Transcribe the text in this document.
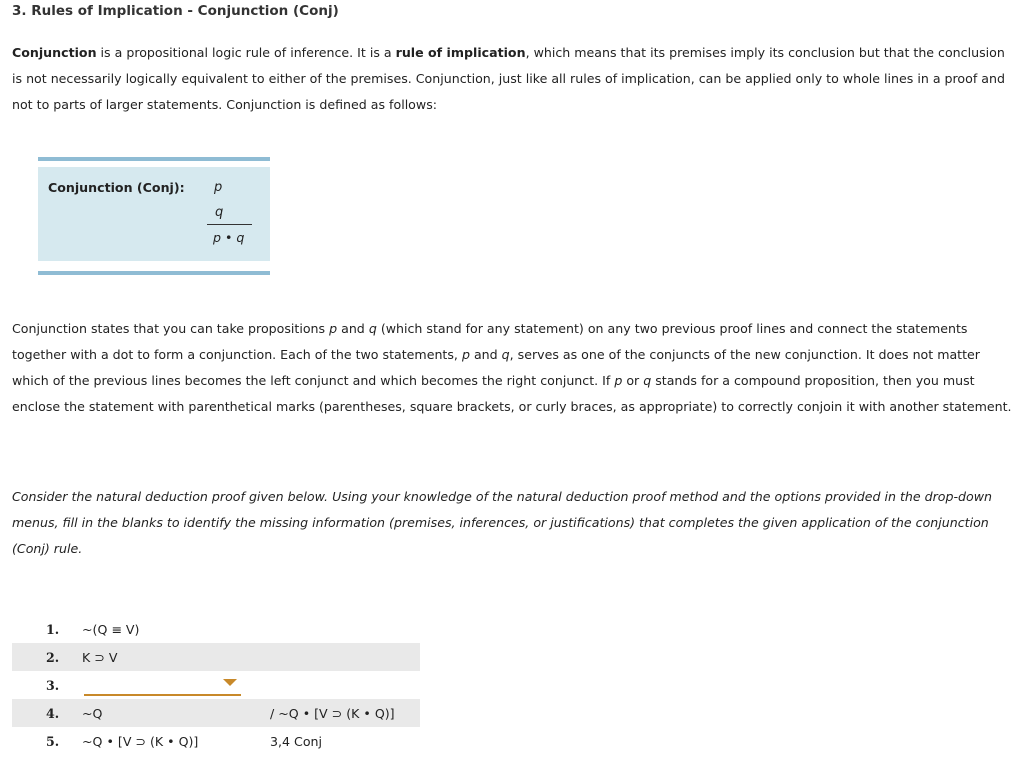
3. Rules of Implication - Conjunction (Conj)

Conjunction is a propositional logic rule of inference. It is a rule of implication, which means that its premises imply its conclusion but that the conclusion is not necessarily logically equivalent to either of the premises. Conjunction, just like all rules of implication, can be applied only to whole lines in a proof and not to parts of larger statements. Conjunction is defined as follows:

Conjunction (Conj): p
q
p • q

Conjunction states that you can take propositions p and q (which stand for any statement) on any two previous proof lines and connect the statements together with a dot to form a conjunction. Each of the two statements, p and q, serves as one of the conjuncts of the new conjunction. It does not matter which of the previous lines becomes the left conjunct and which becomes the right conjunct. If p or q stands for a compound proposition, then you must enclose the statement with parenthetical marks (parentheses, square brackets, or curly braces, as appropriate) to correctly conjoin it with another statement.

Consider the natural deduction proof given below. Using your knowledge of the natural deduction proof method and the options provided in the drop-down menus, fill in the blanks to identify the missing information (premises, inferences, or justifications) that completes the given application of the conjunction (Conj) rule.

1. ~(Q ≡ V)
2. K ⊃ V
3.
4. ~Q	/ ~Q • [V ⊃ (K • Q)]
5. ~Q • [V ⊃ (K • Q)]	3,4 Conj
